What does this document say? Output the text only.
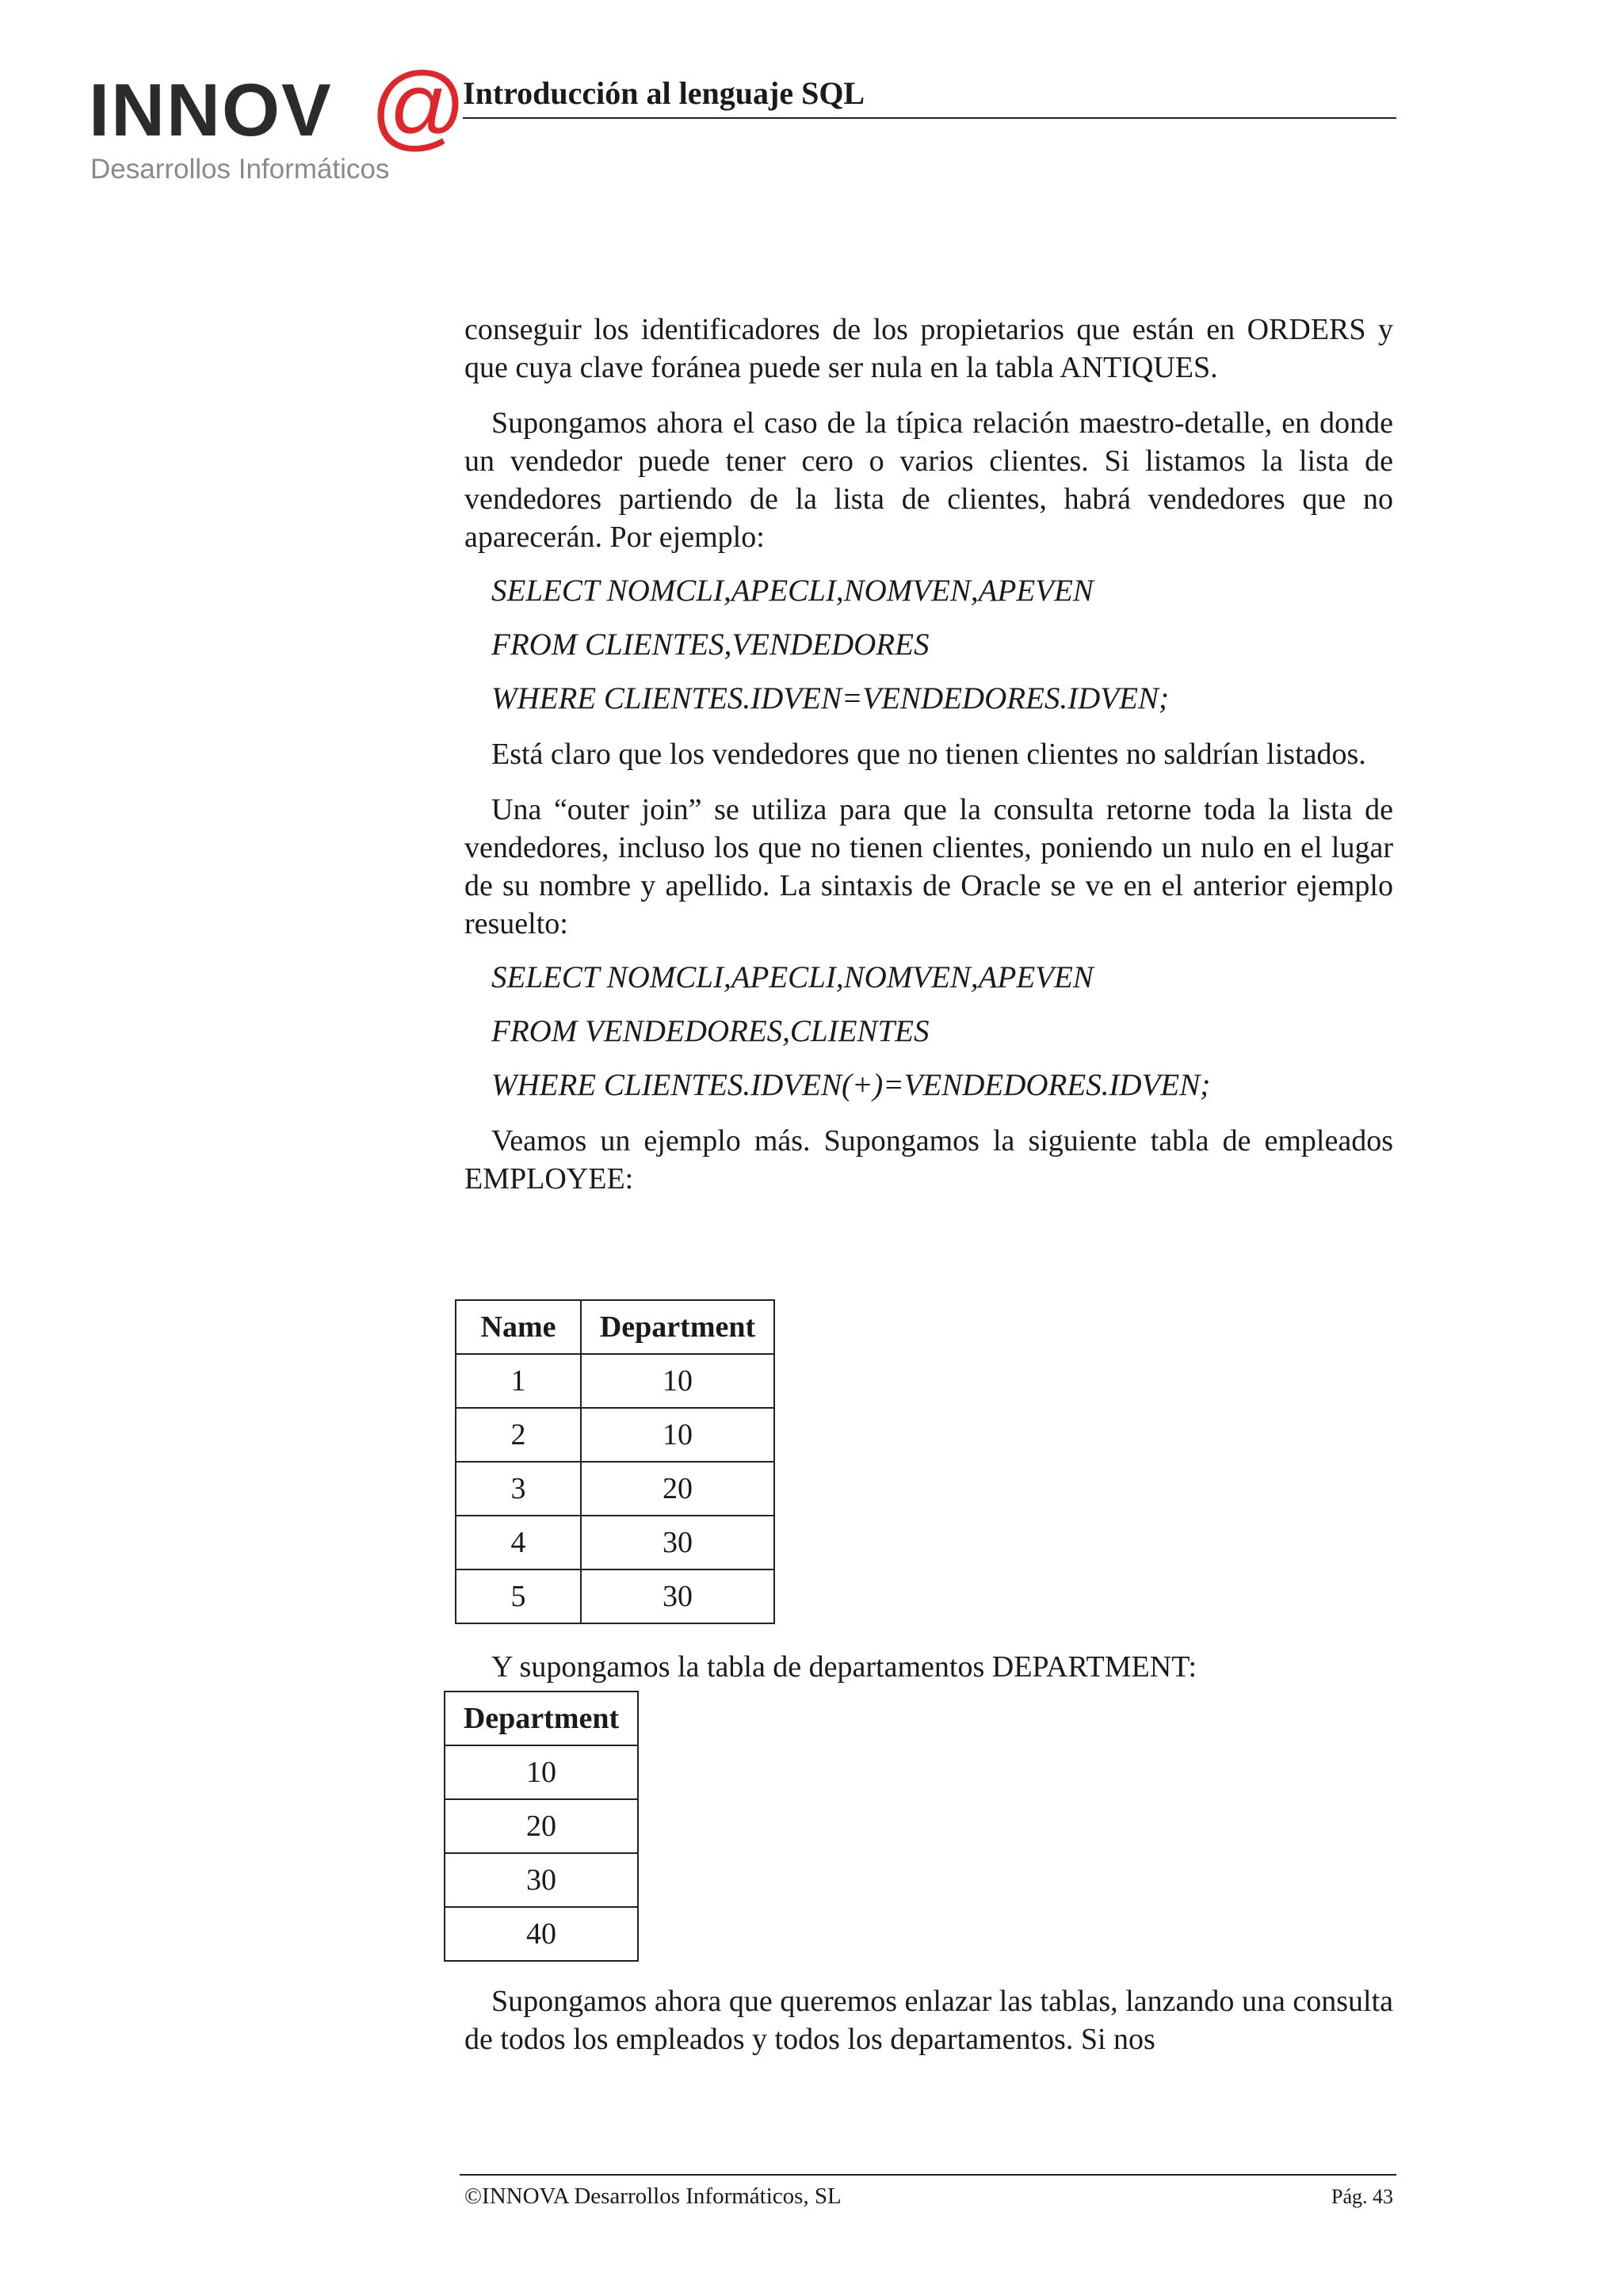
INNOV @
Desarrollos Informáticos
Introducción al lenguaje SQL

conseguir los identificadores de los propietarios que están en ORDERS y que cuya clave foránea puede ser nula en la tabla ANTIQUES.

Supongamos ahora el caso de la típica relación maestro-detalle, en donde un vendedor puede tener cero o varios clientes. Si listamos la lista de vendedores partiendo de la lista de clientes, habrá vendedores que no aparecerán. Por ejemplo:

SELECT NOMCLI,APECLI,NOMVEN,APEVEN
FROM CLIENTES,VENDEDORES
WHERE CLIENTES.IDVEN=VENDEDORES.IDVEN;

Está claro que los vendedores que no tienen clientes no saldrían listados.

Una “outer join” se utiliza para que la consulta retorne toda la lista de vendedores, incluso los que no tienen clientes, poniendo un nulo en el lugar de su nombre y apellido. La sintaxis de Oracle se ve en el anterior ejemplo resuelto:

SELECT NOMCLI,APECLI,NOMVEN,APEVEN
FROM VENDEDORES,CLIENTES
WHERE CLIENTES.IDVEN(+)=VENDEDORES.IDVEN;

Veamos un ejemplo más. Supongamos la siguiente tabla de empleados EMPLOYEE:

Name	Department
1	10
2	10
3	20
4	30
5	30

Y supongamos la tabla de departamentos DEPARTMENT:

Department
10
20
30
40

Supongamos ahora que queremos enlazar las tablas, lanzando una consulta de todos los empleados y todos los departamentos. Si nos

©INNOVA Desarrollos Informáticos, SL	Pág. 43
